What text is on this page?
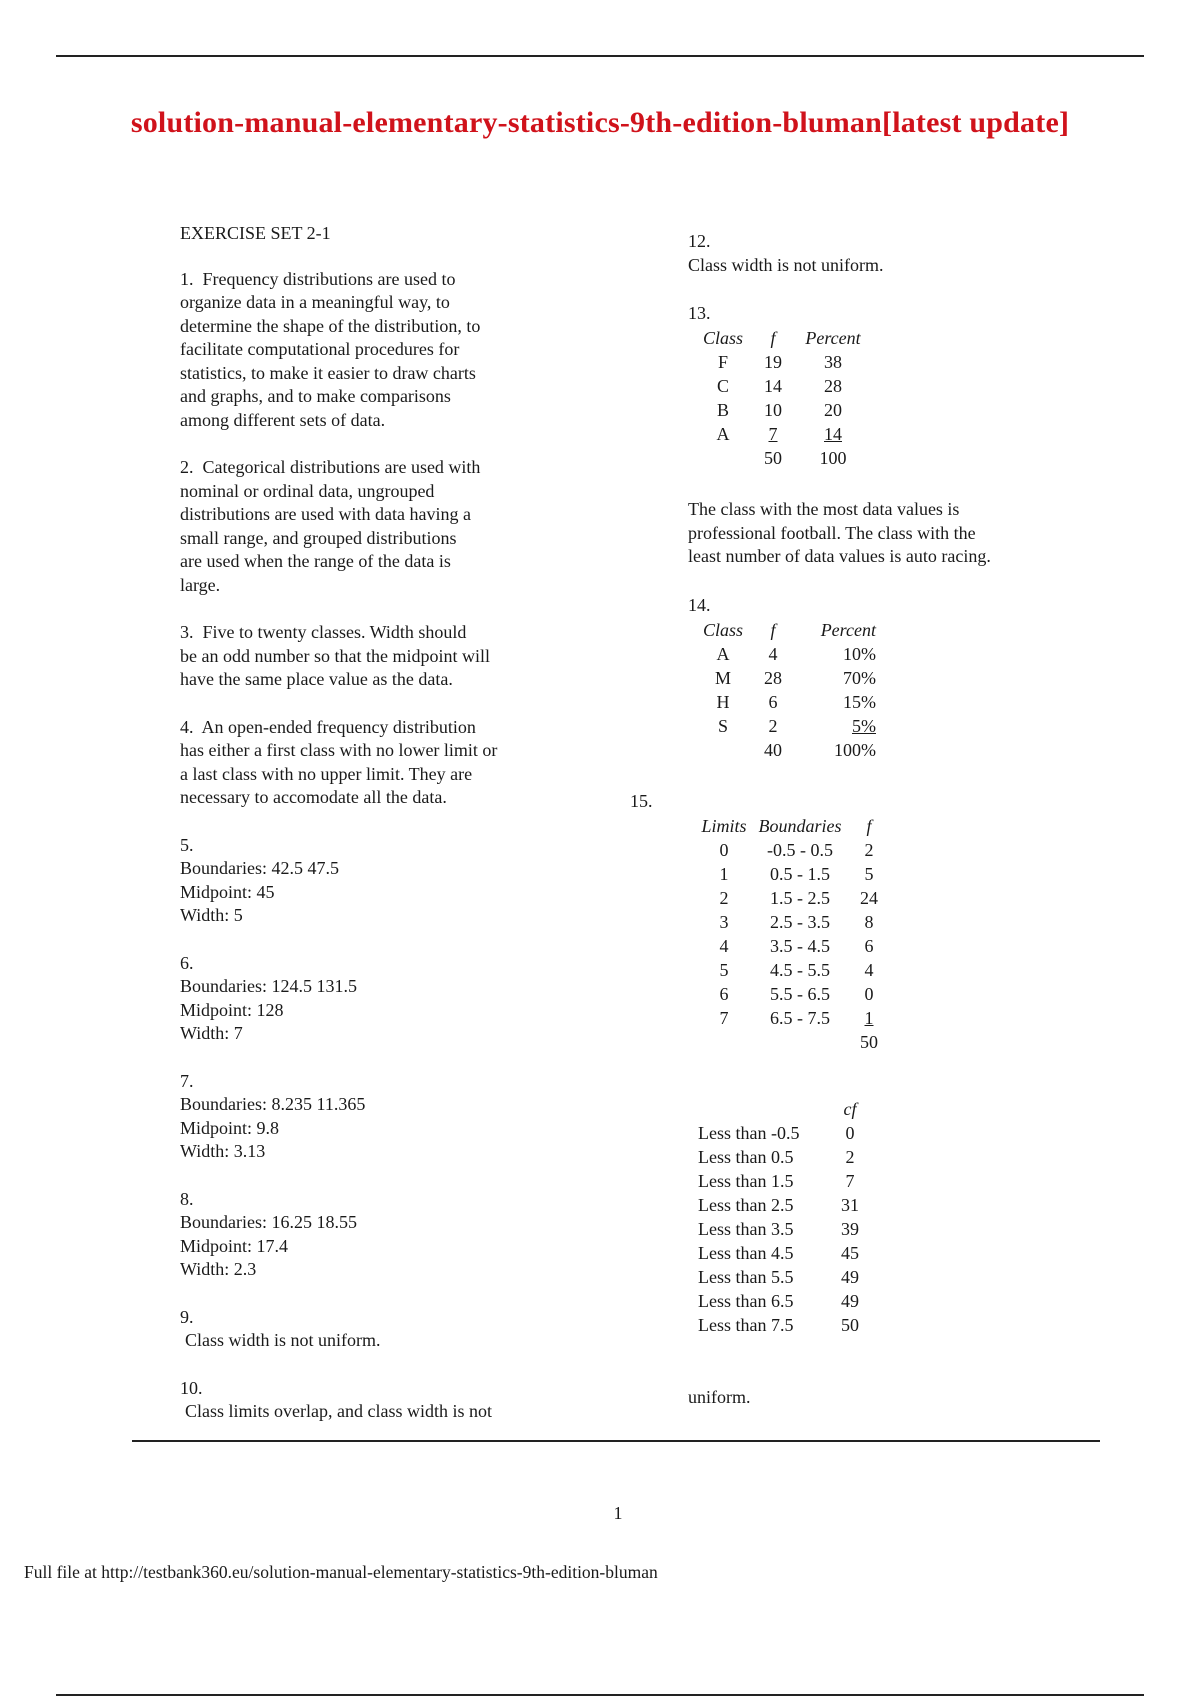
solution-manual-elementary-statistics-9th-edition-bluman[latest update]

EXERCISE SET 2-1

1. Frequency distributions are used to

organize data in a meaningful way, to

determine the shape of the distribution, to

facilitate computational procedures for

statistics, to make it easier to draw charts

and graphs, and to make comparisons

among different sets of data.

2. Categorical distributions are used with

nominal or ordinal data, ungrouped

distributions are used with data having a

small range, and grouped distributions

are used when the range of the data is

large.

3. Five to twenty classes. Width should

be an odd number so that the midpoint will

have the same place value as the data.

4. An open-ended frequency distribution

has either a first class with no lower limit or

a last class with no upper limit. They are

necessary to accomodate all the data.

5.

Boundaries: 42.5 47.5

Midpoint: 45

Width: 5

6.

Boundaries: 124.5 131.5

Midpoint: 128

Width: 7

7.

Boundaries: 8.235 11.365

Midpoint: 9.8

Width: 3.13

8.

Boundaries: 16.25 18.55

Midpoint: 17.4

Width: 2.3

9.

Class width is not uniform.

10.

Class limits overlap, and class width is not

12.

Class width is not uniform.

13.

Class	f	Percent
F	19	38
C	14	28
B	10	20
A	7	14
	50	100

The class with the most data values is

professional football. The class with the

least number of data values is auto racing.

14.

Class	f	Percent
A	4	10%
M	28	70%
H	6	15%
S	2	5%
	40	100%
15.
Limits	Boundaries	f
0	-0.5 - 0.5	2
1	0.5 - 1.5	5
2	1.5 - 2.5	24
3	2.5 - 3.5	8
4	3.5 - 4.5	6
5	4.5 - 5.5	4
6	5.5 - 6.5	0
7	6.5 - 7.5	1
		50
	cf
Less than -0.5	0
Less than 0.5	2
Less than 1.5	7
Less than 2.5	31
Less than 3.5	39
Less than 4.5	45
Less than 5.5	49
Less than 6.5	49
Less than 7.5	50
uniform.
1
Full file at http://testbank360.eu/solution-manual-elementary-statistics-9th-edition-bluman
